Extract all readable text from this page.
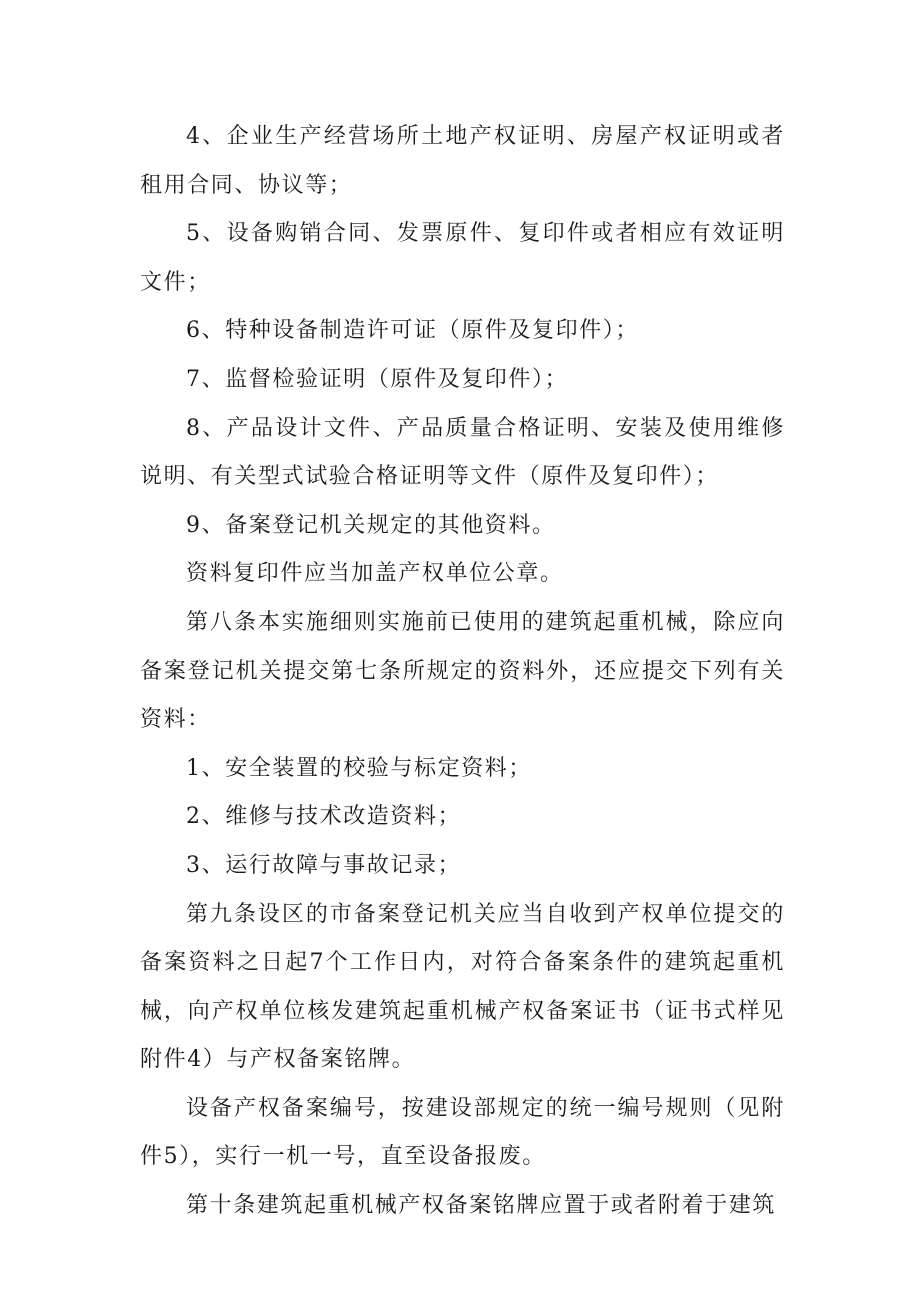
4、企业生产经营场所土地产权证明、房屋产权证明或者租用合同、协议等；

5、设备购销合同、发票原件、复印件或者相应有效证明文件；

6、特种设备制造许可证（原件及复印件）；

7、监督检验证明（原件及复印件）；

8、产品设计文件、产品质量合格证明、安装及使用维修说明、有关型式试验合格证明等文件（原件及复印件）；

9、备案登记机关规定的其他资料。

资料复印件应当加盖产权单位公章。

第八条本实施细则实施前已使用的建筑起重机械，除应向备案登记机关提交第七条所规定的资料外，还应提交下列有关资料：

1、安全装置的校验与标定资料；

2、维修与技术改造资料；

3、运行故障与事故记录；

第九条设区的市备案登记机关应当自收到产权单位提交的备案资料之日起7个工作日内，对符合备案条件的建筑起重机械，向产权单位核发建筑起重机械产权备案证书（证书式样见附件4）与产权备案铭牌。

设备产权备案编号，按建设部规定的统一编号规则（见附件5），实行一机一号，直至设备报废。

第十条建筑起重机械产权备案铭牌应置于或者附着于建筑
